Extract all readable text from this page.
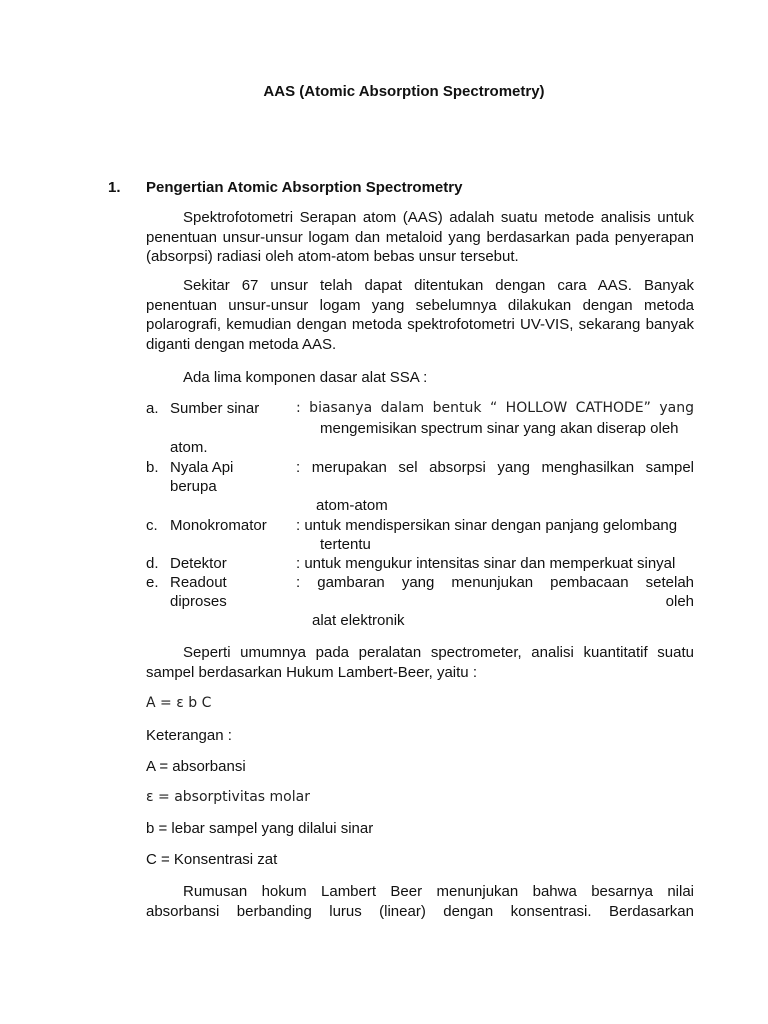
AAS (Atomic Absorption Spectrometry)
1. Pengertian Atomic Absorption Spectrometry
Spektrofotometri Serapan atom (AAS) adalah suatu metode analisis untuk penentuan unsur-unsur logam dan metaloid yang berdasarkan pada penyerapan (absorpsi) radiasi oleh atom-atom bebas unsur tersebut.
Sekitar 67 unsur telah dapat ditentukan dengan cara AAS. Banyak penentuan unsur-unsur logam yang sebelumnya dilakukan dengan metoda polarografi, kemudian dengan metoda spektrofotometri UV-VIS, sekarang banyak diganti dengan metoda AAS.
Ada lima komponen dasar alat SSA :
a. Sumber sinar	: biasanya dalam bentuk “ HOLLOW CATHODE” yang
mengemisikan spectrum sinar yang akan diserap oleh
atom.
b. Nyala Api	: merupakan sel absorpsi yang menghasilkan sampel
berupa
atom-atom
c. Monokromator : untuk mendispersikan sinar dengan panjang gelombang
tertentu
d. Detektor	: untuk mengukur intensitas sinar dan memperkuat sinyal
e. Readout	: gambaran yang menunjukan pembacaan setelah
diproses	oleh
alat elektronik
Seperti umumnya pada peralatan spectrometer, analisi kuantitatif suatu sampel berdasarkan Hukum Lambert-Beer, yaitu :
A = ε b C
Keterangan :
A = absorbansi
ε = absorptivitas molar
b = lebar sampel yang dilalui sinar
C = Konsentrasi zat
Rumusan hokum Lambert Beer menunjukan bahwa besarnya nilai absorbansi berbanding lurus (linear) dengan konsentrasi. Berdasarkan
